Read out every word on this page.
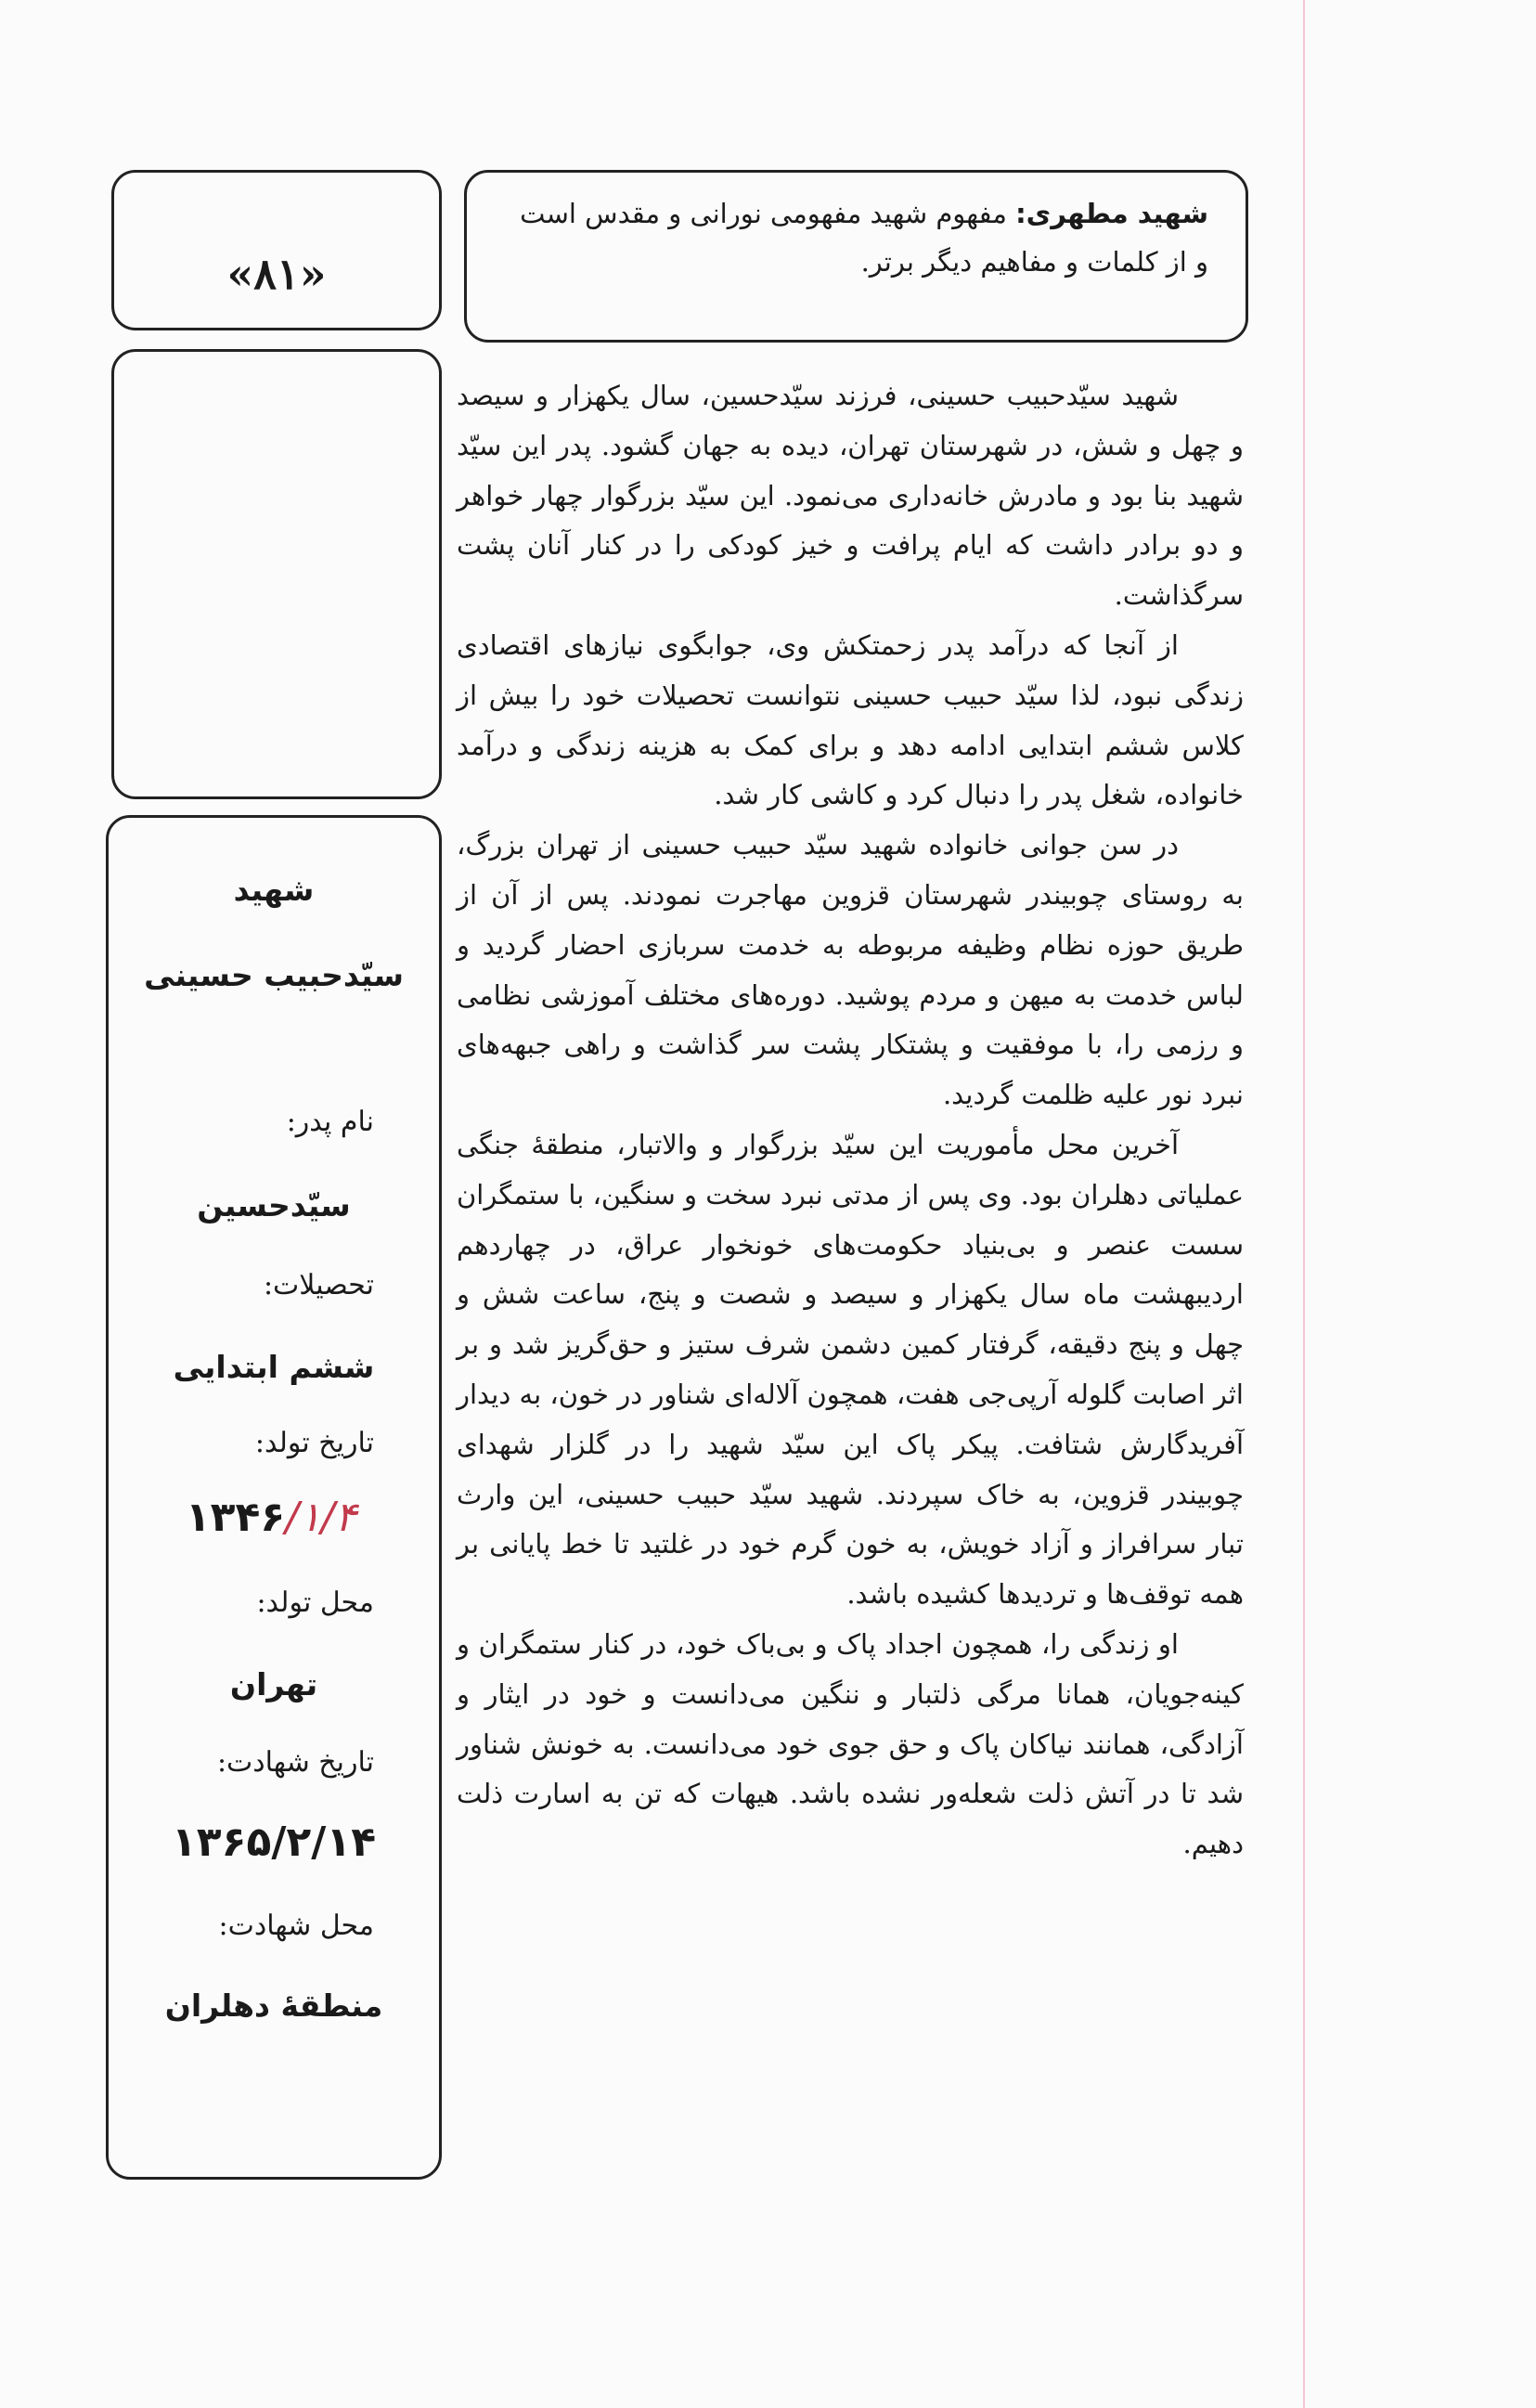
شهید مطهری: مفهوم شهید مفهومی نورانی و مقدس است و از کلمات و مفاهیم دیگر برتر.
«۸۱»
شهید
سیّدحبیب حسینی
نام پدر:
سیّدحسین
تحصیلات:
ششم ابتدایی
تاریخ تولد:
۱۳۴۶/۱/۴
محل تولد:
تهران
تاریخ شهادت:
۱۳۶۵/۲/۱۴
محل شهادت:
منطقهٔ دهلران

شهید سیّدحبیب حسینی، فرزند سیّدحسین، سال یکهزار و سیصد و چهل و شش، در شهرستان تهران، دیده به جهان گشود. پدر این سیّد شهید بنا بود و مادرش خانه‌داری می‌نمود. این سیّد بزرگوار چهار خواهر و دو برادر داشت که ایام پرافت و خیز کودکی را در کنار آنان پشت سرگذاشت.

از آنجا که درآمد پدر زحمتکش وی، جوابگوی نیازهای اقتصادی زندگی نبود، لذا سیّد حبیب حسینی نتوانست تحصیلات خود را بیش از کلاس ششم ابتدایی ادامه دهد و برای کمک به هزینه زندگی و درآمد خانواده، شغل پدر را دنبال کرد و کاشی کار شد.

در سن جوانی خانواده شهید سیّد حبیب حسینی از تهران بزرگ، به روستای چوبیندر شهرستان قزوین مهاجرت نمودند. پس از آن از طریق حوزه نظام وظیفه مربوطه به خدمت سربازی احضار گردید و لباس خدمت به میهن و مردم پوشید. دوره‌های مختلف آموزشی نظامی و رزمی را، با موفقیت و پشتکار پشت سر گذاشت و راهی جبهه‌های نبرد نور علیه ظلمت گردید.

آخرین محل مأموریت این سیّد بزرگوار و والاتبار، منطقهٔ جنگی عملیاتی دهلران بود. وی پس از مدتی نبرد سخت و سنگین، با ستمگران سست عنصر و بی‌بنیاد حکومت‌های خونخوار عراق، در چهاردهم اردیبهشت ماه سال یکهزار و سیصد و شصت و پنج، ساعت شش و چهل و پنج دقیقه، گرفتار کمین دشمن شرف ستیز و حق‌گریز شد و بر اثر اصابت گلوله آرپی‌جی هفت، همچون آلاله‌ای شناور در خون، به دیدار آفریدگارش شتافت. پیکر پاک این سیّد شهید را در گلزار شهدای چوبیندر قزوین، به خاک سپردند. شهید سیّد حبیب حسینی، این وارث تبار سرافراز و آزاد خویش، به خون گرم خود در غلتید تا خط پایانی بر همه توقف‌ها و تردیدها کشیده باشد.

او زندگی را، همچون اجداد پاک و بی‌باک خود، در کنار ستمگران و کینه‌جویان، همانا مرگی ذلتبار و ننگین می‌دانست و خود در ایثار و آزادگی، همانند نیاکان پاک و حق جوی خود می‌دانست. به خونش شناور شد تا در آتش ذلت شعله‌ور نشده باشد. هیهات که تن به اسارت ذلت دهیم.
